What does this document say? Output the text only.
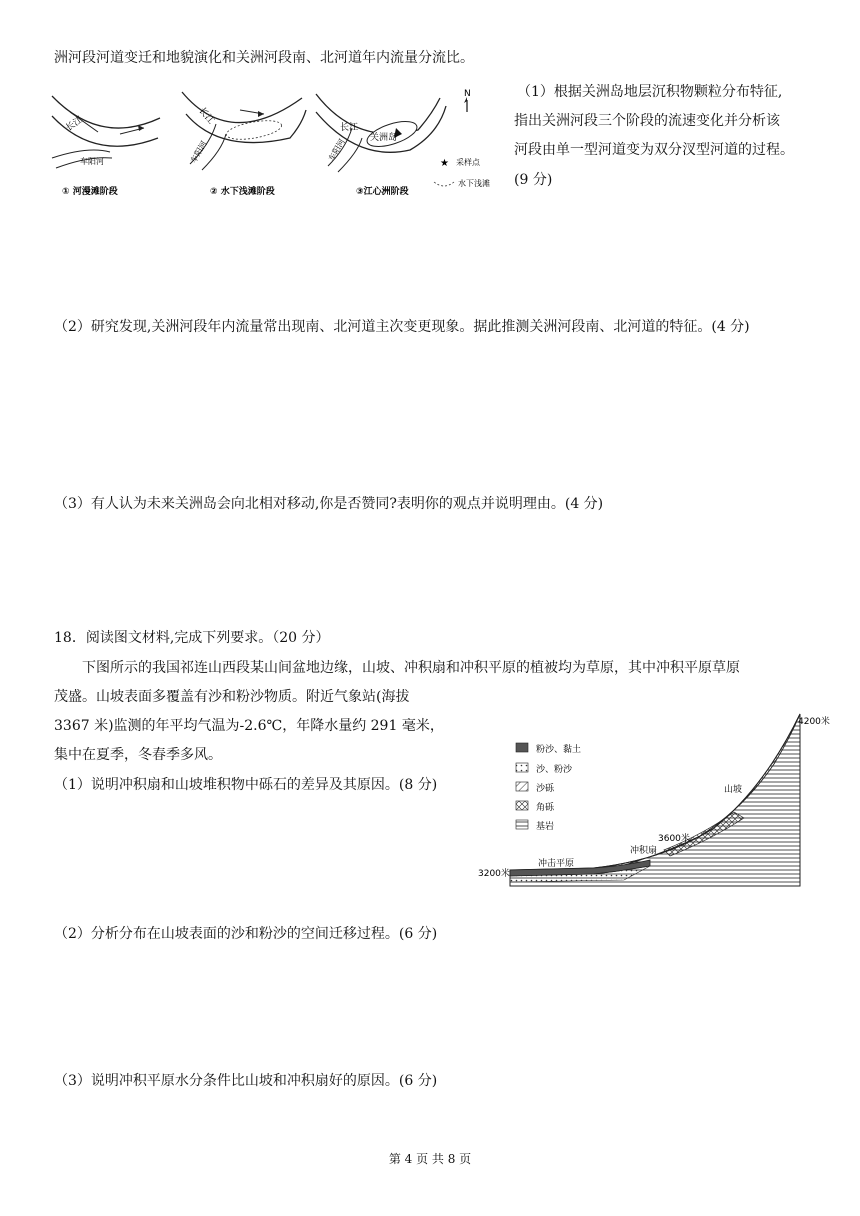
洲河段河道变迁和地貌演化和关洲河段南、北河道年内流量分流比。
长江
车阳河
① 河漫滩阶段
长江
车阳河
② 水下浅滩阶段
关洲岛
长江
车阳河
③江心洲阶段
N
★ 采样点
水下浅滩
（1）根据关洲岛地层沉积物颗粒分布特征,
指出关洲河段三个阶段的流速变化并分析该
河段由单一型河道变为双分汊型河道的过程。
(9 分)
（2）研究发现,关洲河段年内流量常出现南、北河道主次变更现象。据此推测关洲河段南、北河道的特征。(4 分)
（3）有人认为未来关洲岛会向北相对移动,你是否赞同?表明你的观点并说明理由。(4 分)
18．阅读图文材料,完成下列要求。（20 分）
下图所示的我国祁连山西段某山间盆地边缘，山坡、冲积扇和冲积平原的植被均为草原，其中冲积平原草原
茂盛。山坡表面多覆盖有沙和粉沙物质。附近气象站(海拔
3367 米)监测的年平均气温为-2.6℃，年降水量约 291 毫米，
集中在夏季，冬春季多风。
（1）说明冲积扇和山坡堆积物中砾石的差异及其原因。(8 分)
（2）分析分布在山坡表面的沙和粉沙的空间迁移过程。(6 分)
（3）说明冲积平原水分条件比山坡和冲积扇好的原因。(6 分)
粉沙、黏土
沙、粉沙
沙砾
角砾
基岩
4200米
山坡
3600米
冲积扇
冲击平原
3200米
第 4 页 共 8 页
